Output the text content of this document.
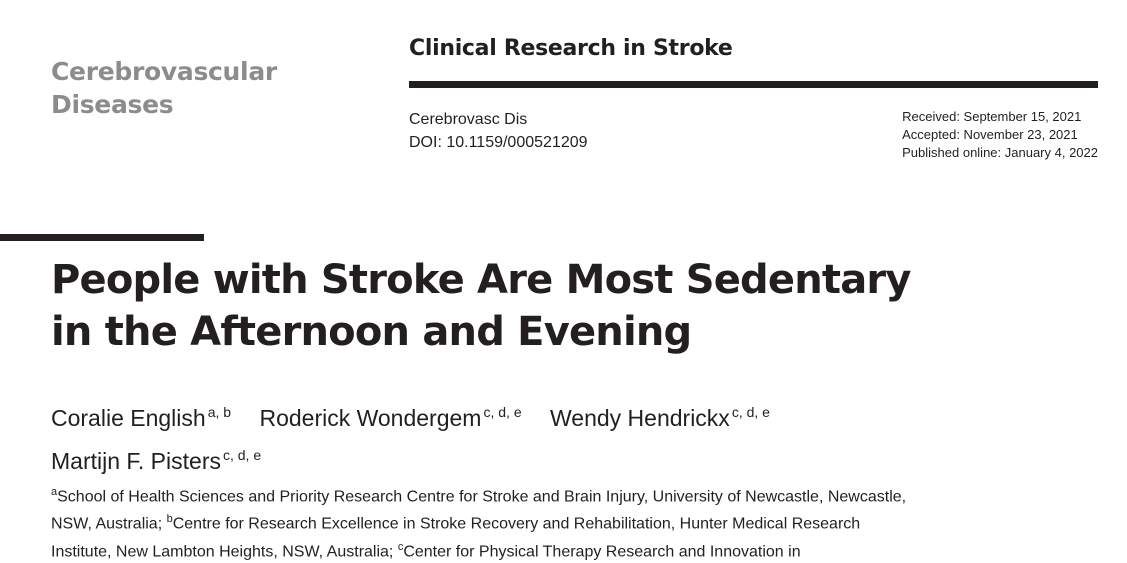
Cerebrovascular
Diseases
Clinical Research in Stroke
Cerebrovasc Dis
DOI: 10.1159/000521209
Received: September 15, 2021
Accepted: November 23, 2021
Published online: January 4, 2022
People with Stroke Are Most Sedentary
in the Afternoon and Evening
Coralie English $^{a, b}$ Roderick Wondergem $^{c, d, e}$ Wendy Hendrickx $^{c, d, e}$ Martijn F. Pisters $^{c, d, e}$
$^a$School of Health Sciences and Priority Research Centre for Stroke and Brain Injury, University of Newcastle, Newcastle, NSW, Australia; $^b$Centre for Research Excellence in Stroke Recovery and Rehabilitation, Hunter Medical Research Institute, New Lambton Heights, NSW, Australia; $^c$Center for Physical Therapy Research and Innovation in
